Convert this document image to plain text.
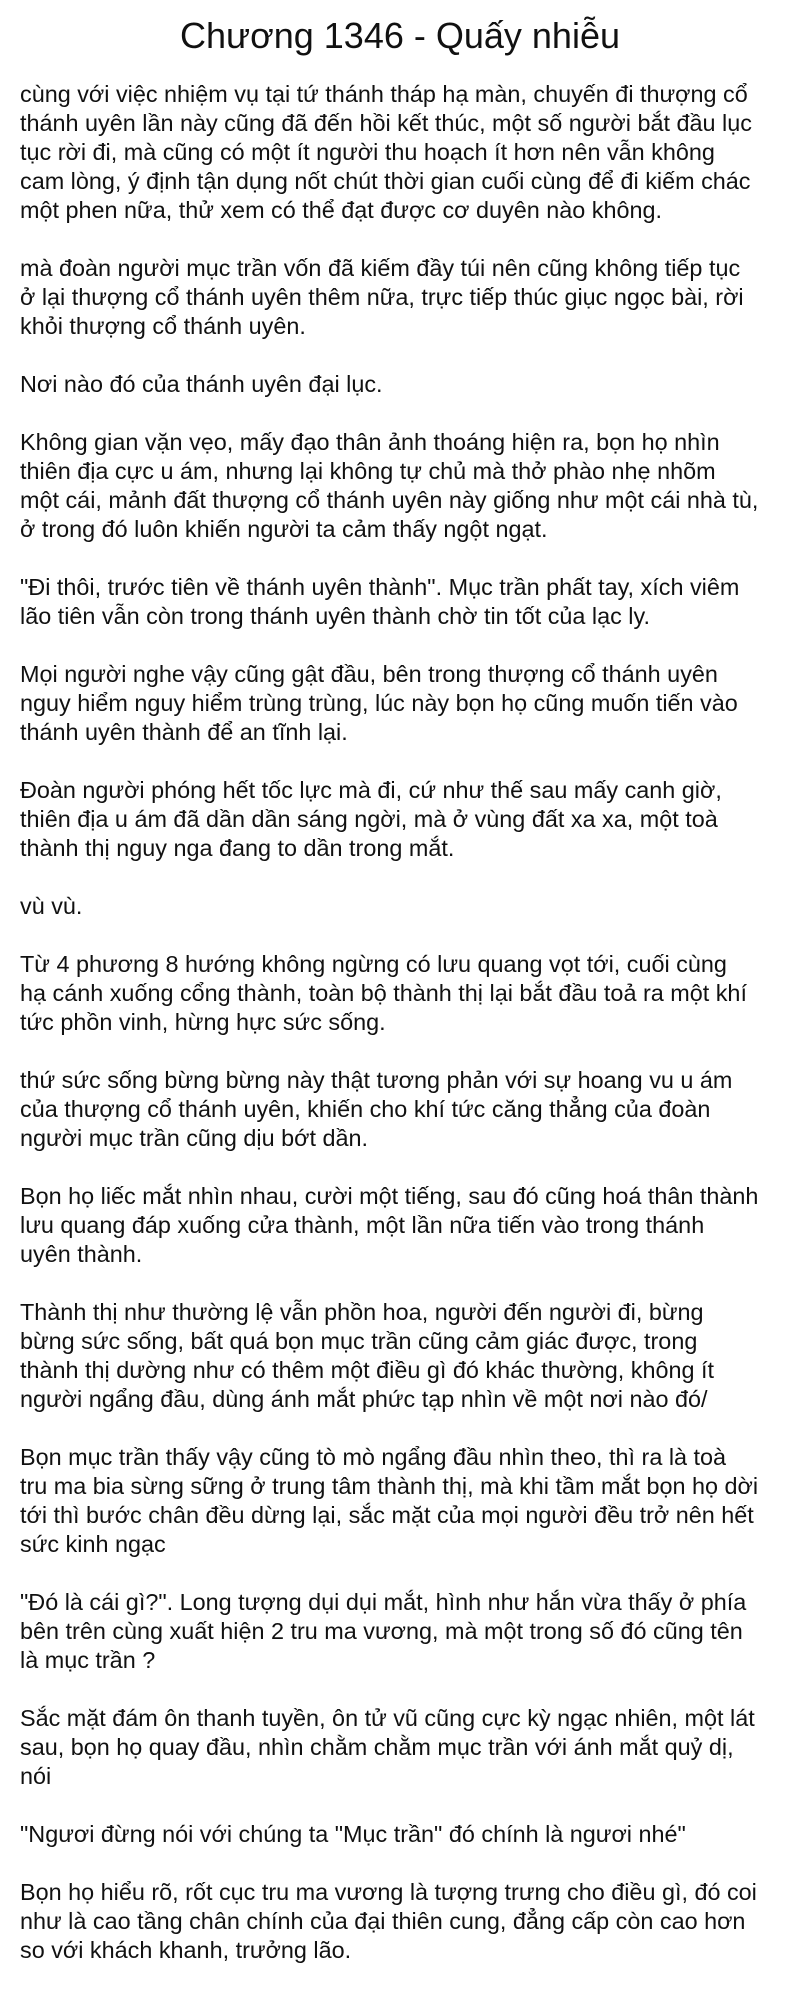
Chương 1346 - Quấy nhiễu

cùng với việc nhiệm vụ tại tứ thánh tháp hạ màn, chuyến đi thượng cổ
thánh uyên lần này cũng đã đến hồi kết thúc, một số người bắt đầu lục
tục rời đi, mà cũng có một ít người thu hoạch ít hơn nên vẫn không
cam lòng, ý định tận dụng nốt chút thời gian cuối cùng để đi kiếm chác
một phen nữa, thử xem có thể đạt được cơ duyên nào không.

mà đoàn người mục trần vốn đã kiếm đầy túi nên cũng không tiếp tục
ở lại thượng cổ thánh uyên thêm nữa, trực tiếp thúc giục ngọc bài, rời
khỏi thượng cổ thánh uyên.

Nơi nào đó của thánh uyên đại lục.

Không gian vặn vẹo, mấy đạo thân ảnh thoáng hiện ra, bọn họ nhìn
thiên địa cực u ám, nhưng lại không tự chủ mà thở phào nhẹ nhõm
một cái, mảnh đất thượng cổ thánh uyên này giống như một cái nhà tù,
ở trong đó luôn khiến người ta cảm thấy ngột ngạt.

"Đi thôi, trước tiên về thánh uyên thành". Mục trần phất tay, xích viêm
lão tiên vẫn còn trong thánh uyên thành chờ tin tốt của lạc ly.

Mọi người nghe vậy cũng gật đầu, bên trong thượng cổ thánh uyên
nguy hiểm nguy hiểm trùng trùng, lúc này bọn họ cũng muốn tiến vào
thánh uyên thành để an tĩnh lại.

Đoàn người phóng hết tốc lực mà đi, cứ như thế sau mấy canh giờ,
thiên địa u ám đã dần dần sáng ngời, mà ở vùng đất xa xa, một toà
thành thị nguy nga đang to dần trong mắt.

vù vù.

Từ 4 phương 8 hướng không ngừng có lưu quang vọt tới, cuối cùng
hạ cánh xuống cổng thành, toàn bộ thành thị lại bắt đầu toả ra một khí
tức phồn vinh, hừng hực sức sống.

thứ sức sống bừng bừng này thật tương phản với sự hoang vu u ám
của thượng cổ thánh uyên, khiến cho khí tức căng thẳng của đoàn
người mục trần cũng dịu bớt dần.

Bọn họ liếc mắt nhìn nhau, cười một tiếng, sau đó cũng hoá thân thành
lưu quang đáp xuống cửa thành, một lần nữa tiến vào trong thánh
uyên thành.

Thành thị như thường lệ vẫn phồn hoa, người đến người đi, bừng
bừng sức sống, bất quá bọn mục trần cũng cảm giác được, trong
thành thị dường như có thêm một điều gì đó khác thường, không ít
người ngẩng đầu, dùng ánh mắt phức tạp nhìn về một nơi nào đó/

Bọn mục trần thấy vậy cũng tò mò ngẩng đầu nhìn theo, thì ra là toà
tru ma bia sừng sững ở trung tâm thành thị, mà khi tầm mắt bọn họ dời
tới thì bước chân đều dừng lại, sắc mặt của mọi người đều trở nên hết
sức kinh ngạc

"Đó là cái gì?". Long tượng dụi dụi mắt, hình như hắn vừa thấy ở phía
bên trên cùng xuất hiện 2 tru ma vương, mà một trong số đó cũng tên
là mục trần ?

Sắc mặt đám ôn thanh tuyền, ôn tử vũ cũng cực kỳ ngạc nhiên, một lát
sau, bọn họ quay đầu, nhìn chằm chằm mục trần với ánh mắt quỷ dị,
nói

"Ngươi đừng nói với chúng ta "Mục trần" đó chính là ngươi nhé"

Bọn họ hiểu rõ, rốt cục tru ma vương là tượng trưng cho điều gì, đó coi
như là cao tầng chân chính của đại thiên cung, đẳng cấp còn cao hơn
so với khách khanh, trưởng lão.
